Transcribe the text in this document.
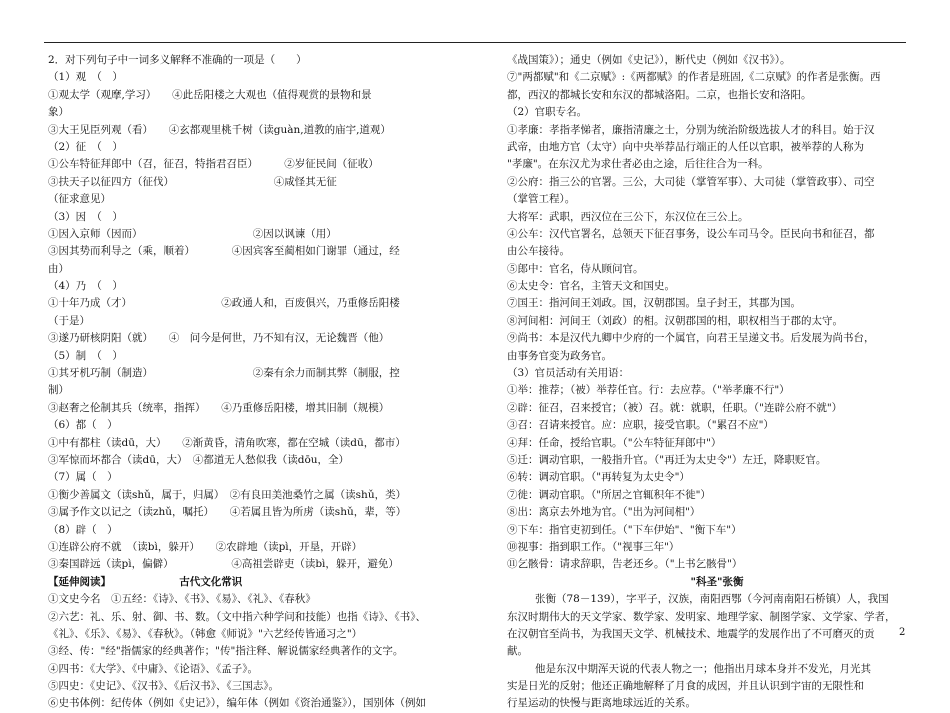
2．对下列句子中一词多义解释不准确的一项是（　　）
（1）观　（　）
①观太学（观摩,学习）　　④此岳阳楼之大观也（值得观赏的景物和景
象）
③大王见臣列观（看）　　④玄都观里桃千树（读guàn,道教的庙宇,道观）
（2）征　（　）
①公车特征拜郎中（召，征召，特指君召臣）　　　②岁征民间（征收）
③扶天子以征四方（征伐）　　　　　　　　　　④咸怪其无征
（征求意见）
（3）因　（　）
①因入京师（因而）　　　　　　　　　　　②因以讽谏（用）
③因其势而利导之（乘，顺着）　　　　④因宾客至蔺相如门谢罪（通过，经
由）
（4）乃　（　）
①十年乃成（才）　　　　　　　　　②政通人和，百废俱兴，乃重修岳阳楼
（于是）
③遂乃研核阴阳（就）　　④　问今是何世，乃不知有汉，无论魏晋（他）
（5）制　（　）
①其牙机巧制（制造）　　　　　　　　　　②秦有余力而制其弊（制服，控
制）
③赵奢之伦制其兵（统率，指挥）　　④乃重修岳阳楼，增其旧制（规模）
（6）都（　）
①中有都柱（读dū，大）　　②渐黄昏，清角吹寒，都在空城（读dū，都市）
③军惊而坏都合（读dū，大）　④都道无人愁似我（读dōu，全）
（7）属（　）
①衡少善属文（读shǔ，属于，归属）　②有良田美池桑竹之属（读shǔ，类）
③属予作文以记之（读zhǔ，嘱托）　　④若属且皆为所虏（读shǔ，辈，等）
（8）辟（　）
①连辟公府不就　（读bì，躲开）　　②农辟地（读pì，开垦，开辟）
③秦国辟远（读pì，偏僻）　　　　　　④高祖尝辟吏（读bì，躲开，避免）
【延伸阅读】　　　　　　　古代文化常识
①文史今名　①五经：《诗》、《书》、《易》、《礼》、《春秋》
②六艺：礼、乐、射、御、书、数。（文中指六种学问和技能）也指《诗》、《书》、
《礼》、《乐》、《易》、《春秋》。（韩愈《师说》"六艺经传皆通习之"）
③经、传："经"指儒家的经典著作；"传"指注释、解说儒家经典著作的文字。
④四书：《大学》、《中庸》、《论语》、《孟子》。
⑤四史：《史记》、《汉书》、《后汉书》、《三国志》。
⑥史书体例：纪传体（例如《史记》），编年体（例如《资治通鉴》），国别体（例如
《战国策》）；通史（例如《史记》），断代史（例如《汉书》）。
⑦"两都赋"和《二京赋》:《两都赋》的作者是班固,《二京赋》的作者是张衡。西
都，西汉的都城长安和东汉的都城洛阳。二京，也指长安和洛阳。
（2）官职专名。
①孝廉：孝指孝悌者，廉指清廉之士，分别为统治阶级选拔人才的科目。始于汉
武帝，由地方官（太守）向中央举荐品行端正的人任以官职，被举荐的人称为
"孝廉"。在东汉尤为求仕者必由之途，后往往合为一科。
②公府：指三公的官署。三公，大司徒（掌管军事）、大司徒（掌管政事）、司空
（掌管工程）。
大将军：武职，西汉位在三公下，东汉位在三公上。
④公车：汉代官署名，总领天下征召事务，设公车司马令。臣民向书和征召，都
由公车接待。
⑤郎中：官名，侍从顾问官。
⑥太史令：官名，主管天文和国史。
⑦国王：指河间王刘政。国，汉朝郡国。皇子封王，其郡为国。
⑧河间相：河间王（刘政）的相。汉朝郡国的相，职权相当于郡的太守。
⑨尚书：本是汉代九卿中少府的一个属官，向君王呈递文书。后发展为尚书台，
由事务官变为政务官。
（3）官员活动有关用语：
①举：推荐；（被）举荐任官。行：去应荐。（"举孝廉不行"）
②辟：征召，召来授官；（被）召。就：就职，任职。（"连辟公府不就"）
③召：召请来授官。应：应职，接受官职。（"累召不应"）
④拜：任命，授给官职。（"公车特征拜郎中"）
⑤迁：调动官职，一般指升官。（"再迁为太史令"）左迁，降职贬官。
⑥转：调动官职。（"再转复为太史令"）
⑦徙：调动官职。（"所居之官辄积年不徙"）
⑧出：离京去外地为官。（"出为河间相"）
⑨下车：指官吏初到任。（"下车伊始"、"衡下车"）
⑩视事：指到职工作。（"视事三年"）
⑪乞骸骨：请求辞职，告老还乡。（"上书乞骸骨"）
"科圣"张衡
张衡（78－139），字平子，汉族，南阳西鄂（今河南南阳石桥镇）人，我国
东汉时期伟大的天文学家、数学家、发明家、地理学家、制图学家、文学家、学者，
在汉朝官至尚书，为我国天文学、机械技术、地震学的发展作出了不可磨灭的贡
献。
他是东汉中期浑天说的代表人物之一；他指出月球本身并不发光，月光其
实是日光的反射；他还正确地解释了月食的成因，并且认识到宇宙的无限性和
行星运动的快慢与距离地球远近的关系。
2
